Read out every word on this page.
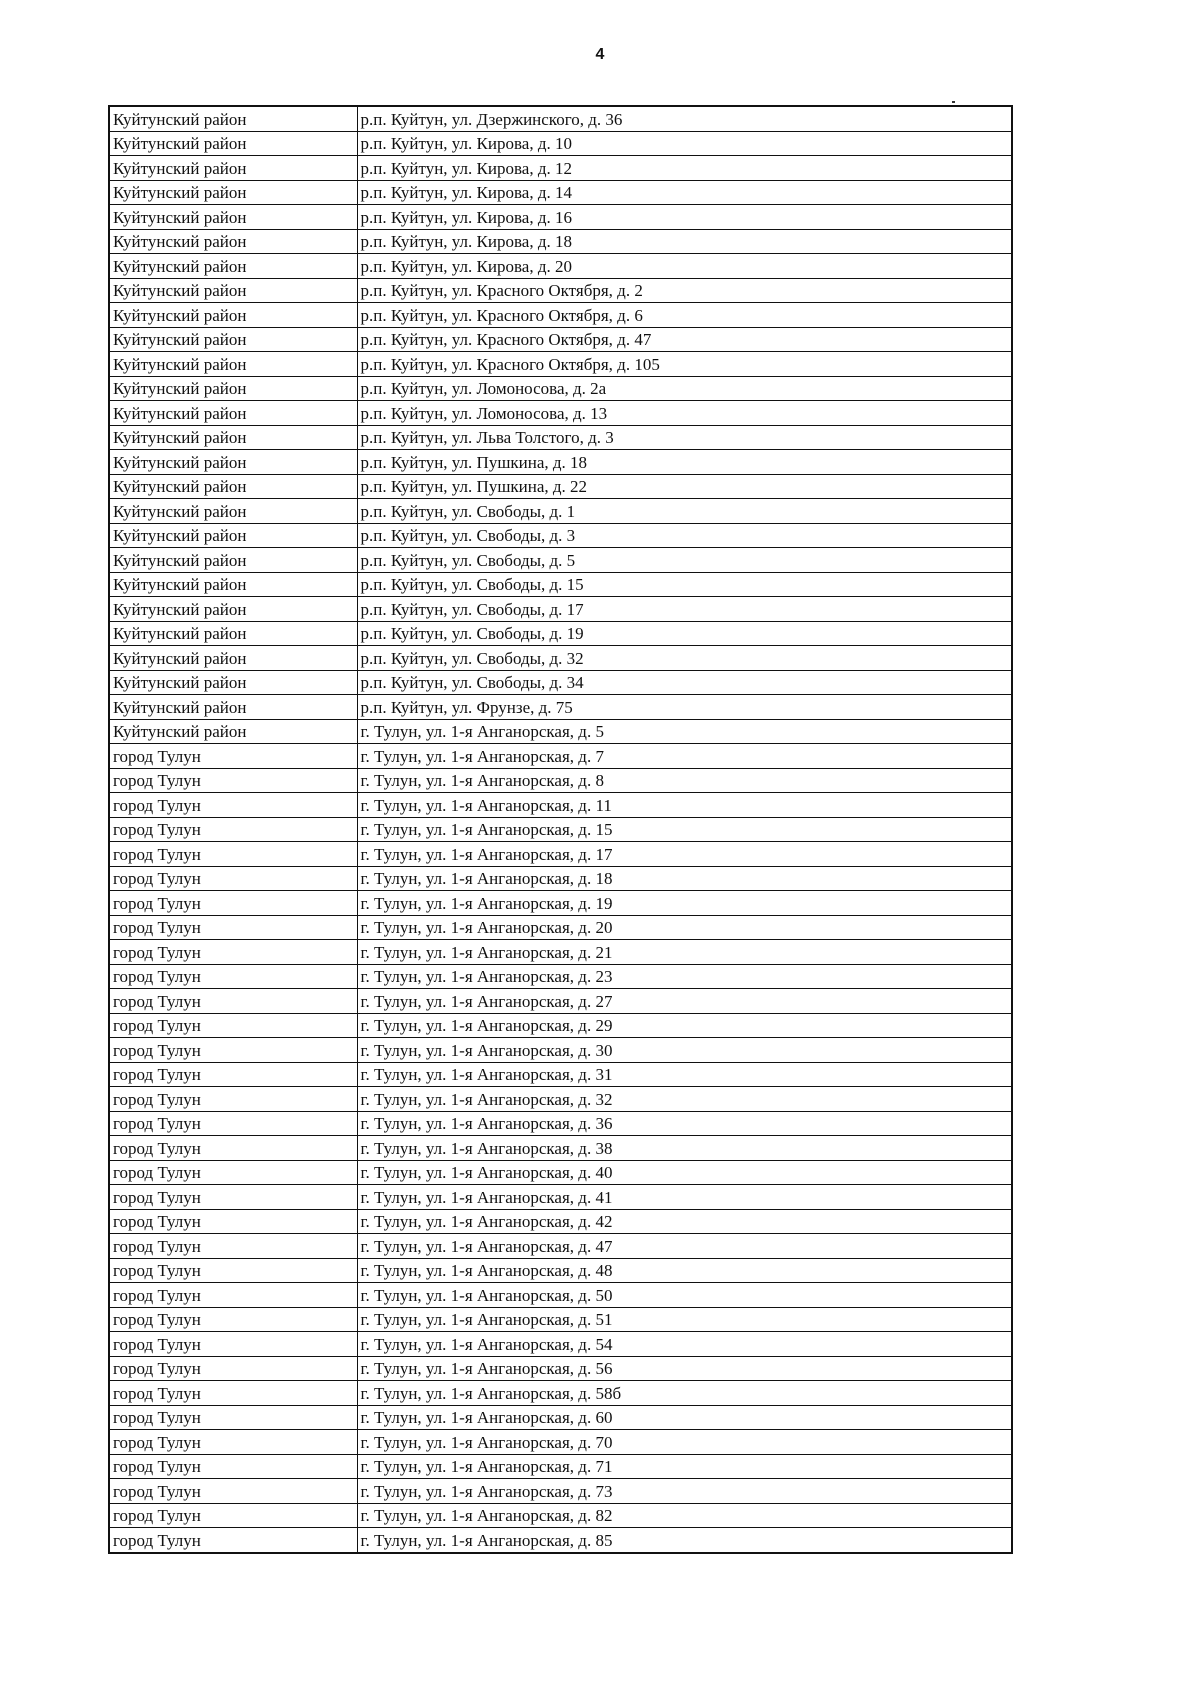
4
Куйтунский район	р.п. Куйтун, ул. Дзержинского, д. 36
Куйтунский район	р.п. Куйтун, ул. Кирова, д. 10
Куйтунский район	р.п. Куйтун, ул. Кирова, д. 12
Куйтунский район	р.п. Куйтун, ул. Кирова, д. 14
Куйтунский район	р.п. Куйтун, ул. Кирова, д. 16
Куйтунский район	р.п. Куйтун, ул. Кирова, д. 18
Куйтунский район	р.п. Куйтун, ул. Кирова, д. 20
Куйтунский район	р.п. Куйтун, ул. Красного Октября, д. 2
Куйтунский район	р.п. Куйтун, ул. Красного Октября, д. 6
Куйтунский район	р.п. Куйтун, ул. Красного Октября, д. 47
Куйтунский район	р.п. Куйтун, ул. Красного Октября, д. 105
Куйтунский район	р.п. Куйтун, ул. Ломоносова, д. 2а
Куйтунский район	р.п. Куйтун, ул. Ломоносова, д. 13
Куйтунский район	р.п. Куйтун, ул. Льва Толстого, д. 3
Куйтунский район	р.п. Куйтун, ул. Пушкина, д. 18
Куйтунский район	р.п. Куйтун, ул. Пушкина, д. 22
Куйтунский район	р.п. Куйтун, ул. Свободы, д. 1
Куйтунский район	р.п. Куйтун, ул. Свободы, д. 3
Куйтунский район	р.п. Куйтун, ул. Свободы, д. 5
Куйтунский район	р.п. Куйтун, ул. Свободы, д. 15
Куйтунский район	р.п. Куйтун, ул. Свободы, д. 17
Куйтунский район	р.п. Куйтун, ул. Свободы, д. 19
Куйтунский район	р.п. Куйтун, ул. Свободы, д. 32
Куйтунский район	р.п. Куйтун, ул. Свободы, д. 34
Куйтунский район	р.п. Куйтун, ул. Фрунзе, д. 75
Куйтунский район	г. Тулун, ул. 1-я Анганорская, д. 5
город Тулун	г. Тулун, ул. 1-я Анганорская, д. 7
город Тулун	г. Тулун, ул. 1-я Анганорская, д. 8
город Тулун	г. Тулун, ул. 1-я Анганорская, д. 11
город Тулун	г. Тулун, ул. 1-я Анганорская, д. 15
город Тулун	г. Тулун, ул. 1-я Анганорская, д. 17
город Тулун	г. Тулун, ул. 1-я Анганорская, д. 18
город Тулун	г. Тулун, ул. 1-я Анганорская, д. 19
город Тулун	г. Тулун, ул. 1-я Анганорская, д. 20
город Тулун	г. Тулун, ул. 1-я Анганорская, д. 21
город Тулун	г. Тулун, ул. 1-я Анганорская, д. 23
город Тулун	г. Тулун, ул. 1-я Анганорская, д. 27
город Тулун	г. Тулун, ул. 1-я Анганорская, д. 29
город Тулун	г. Тулун, ул. 1-я Анганорская, д. 30
город Тулун	г. Тулун, ул. 1-я Анганорская, д. 31
город Тулун	г. Тулун, ул. 1-я Анганорская, д. 32
город Тулун	г. Тулун, ул. 1-я Анганорская, д. 36
город Тулун	г. Тулун, ул. 1-я Анганорская, д. 38
город Тулун	г. Тулун, ул. 1-я Анганорская, д. 40
город Тулун	г. Тулун, ул. 1-я Анганорская, д. 41
город Тулун	г. Тулун, ул. 1-я Анганорская, д. 42
город Тулун	г. Тулун, ул. 1-я Анганорская, д. 47
город Тулун	г. Тулун, ул. 1-я Анганорская, д. 48
город Тулун	г. Тулун, ул. 1-я Анганорская, д. 50
город Тулун	г. Тулун, ул. 1-я Анганорская, д. 51
город Тулун	г. Тулун, ул. 1-я Анганорская, д. 54
город Тулун	г. Тулун, ул. 1-я Анганорская, д. 56
город Тулун	г. Тулун, ул. 1-я Анганорская, д. 58б
город Тулун	г. Тулун, ул. 1-я Анганорская, д. 60
город Тулун	г. Тулун, ул. 1-я Анганорская, д. 70
город Тулун	г. Тулун, ул. 1-я Анганорская, д. 71
город Тулун	г. Тулун, ул. 1-я Анганорская, д. 73
город Тулун	г. Тулун, ул. 1-я Анганорская, д. 82
город Тулун	г. Тулун, ул. 1-я Анганорская, д. 85
